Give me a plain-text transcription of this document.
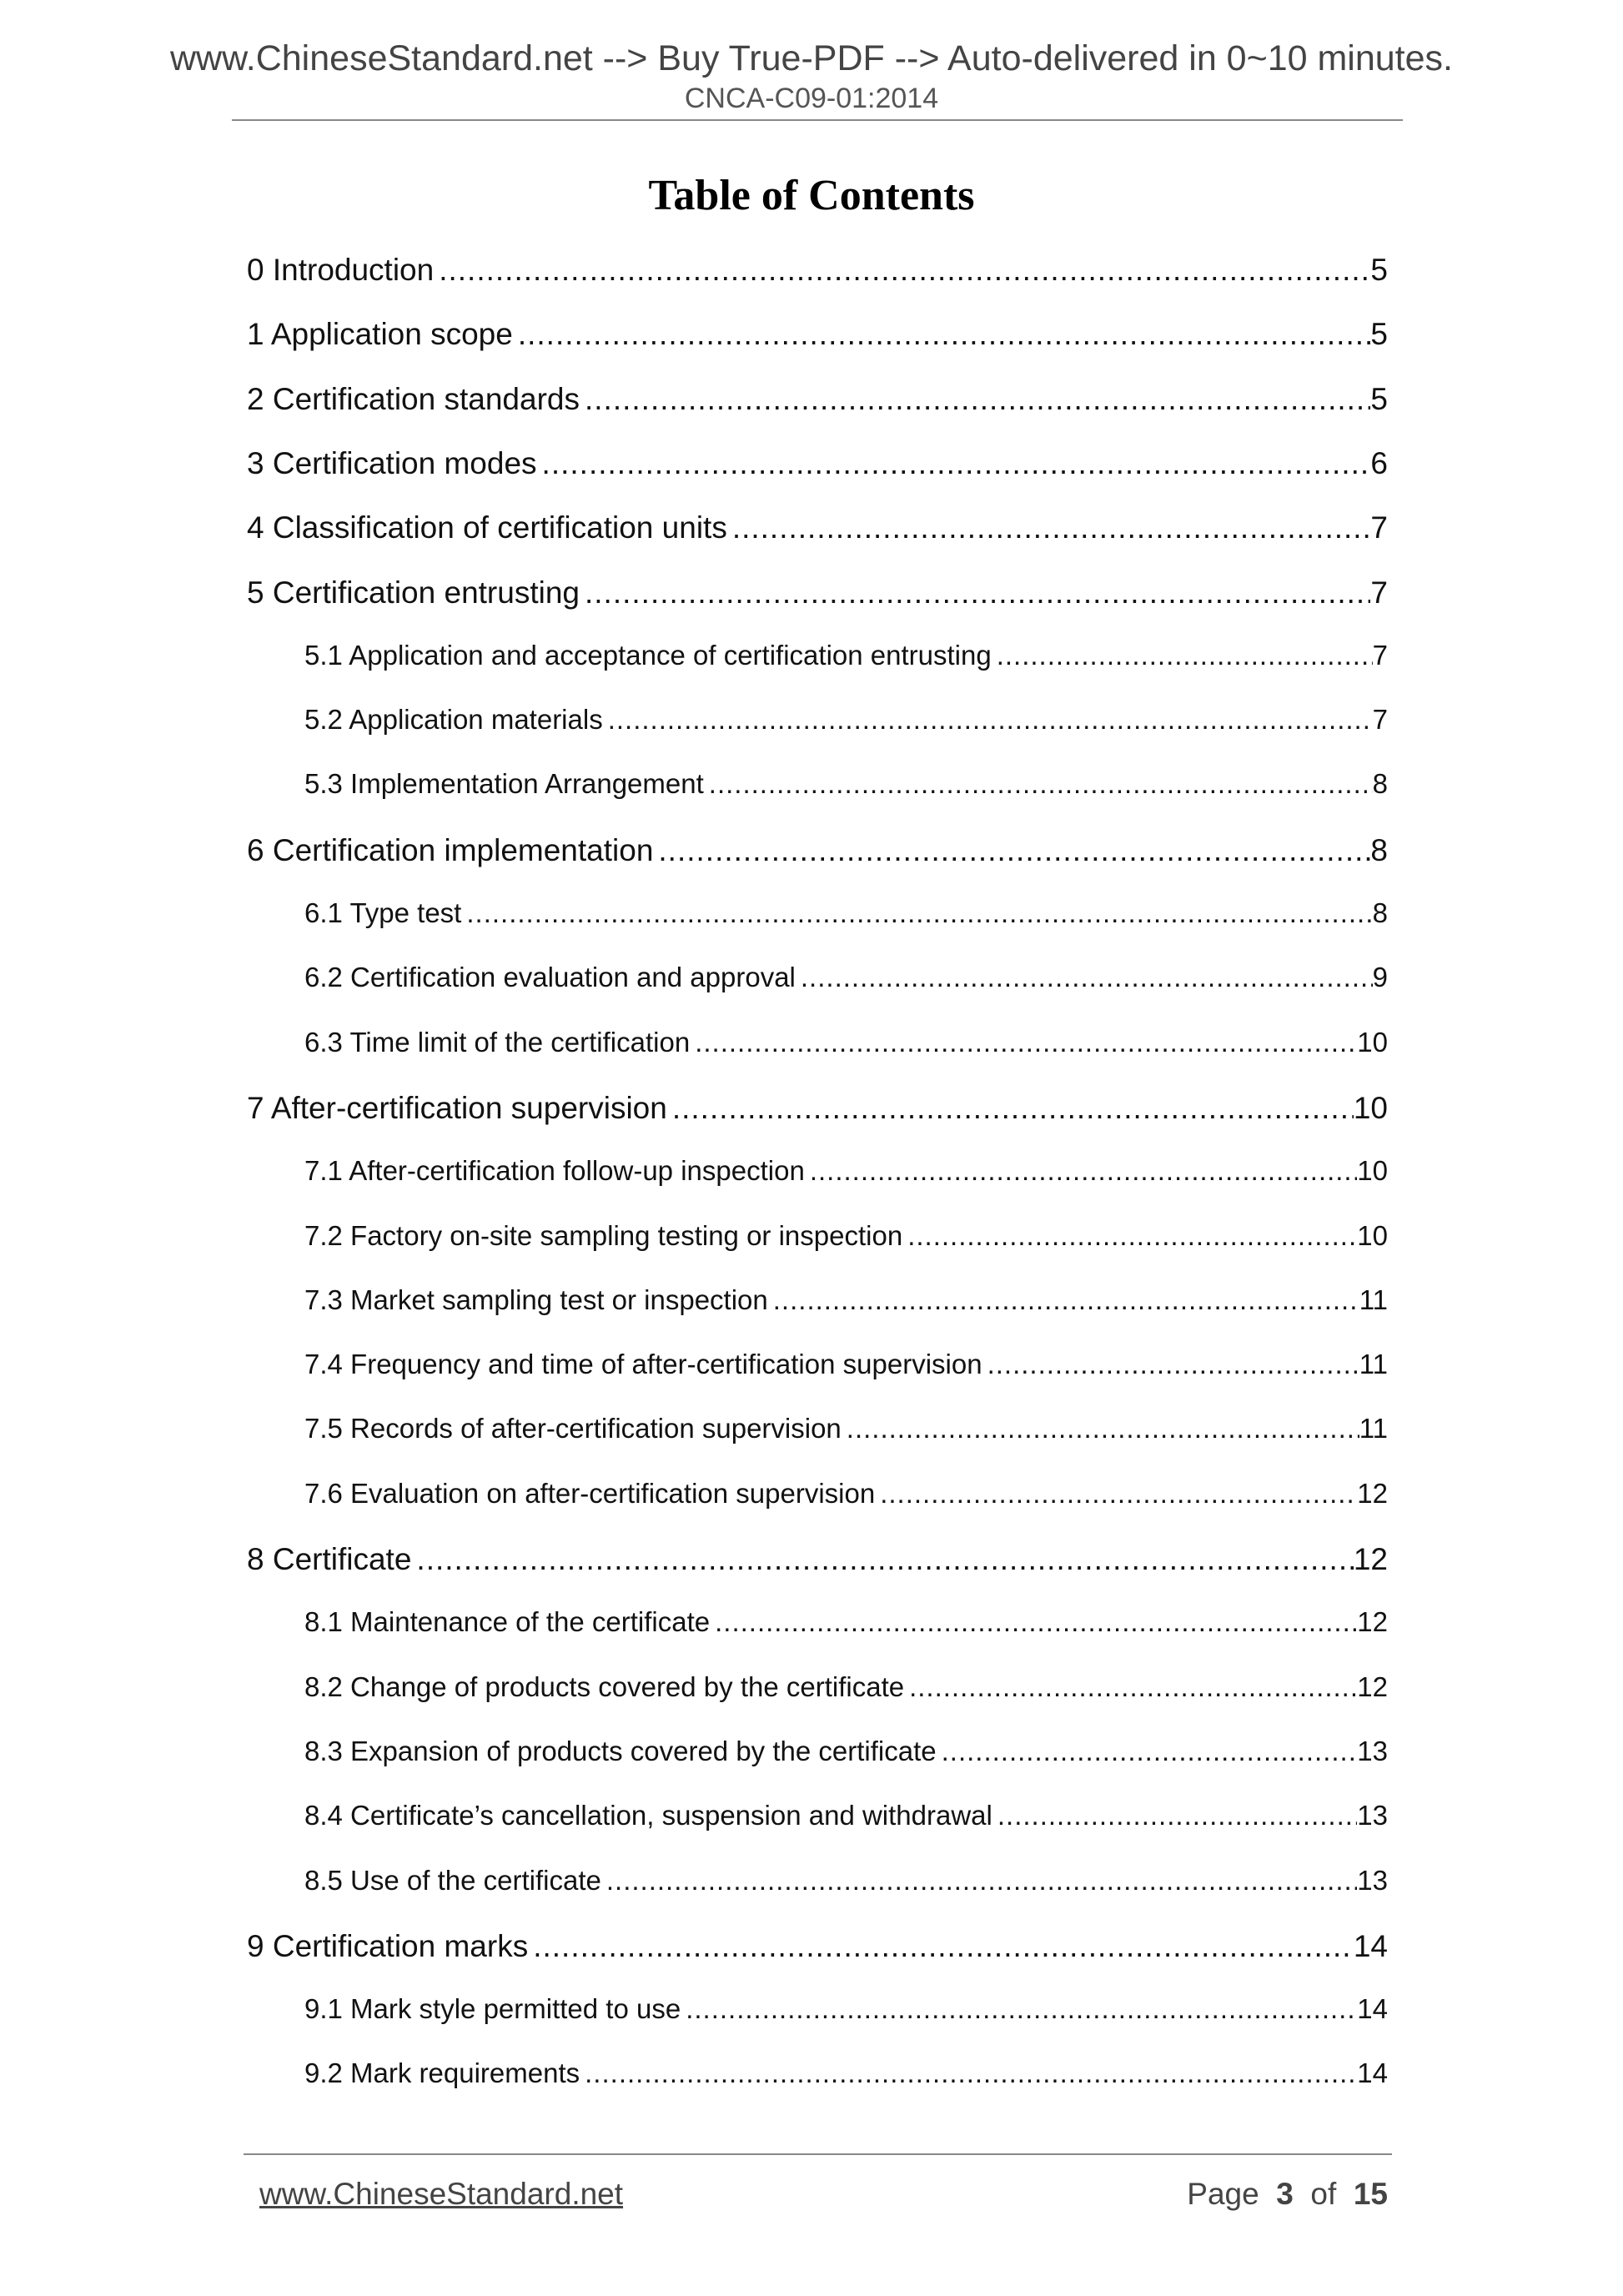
www.ChineseStandard.net --> Buy True-PDF --> Auto-delivered in 0~10 minutes.
CNCA-C09-01:2014
Table of Contents
0 Introduction .....	5
1 Application scope .....	5
2 Certification standards .....	5
3 Certification modes .....	6
4 Classification of certification units .....	7
5 Certification entrusting .....	7
5.1 Application and acceptance of certification entrusting .....	7
5.2 Application materials .....	7
5.3 Implementation Arrangement .....	8
6 Certification implementation .....	8
6.1 Type test .....	8
6.2 Certification evaluation and approval .....	9
6.3 Time limit of the certification .....	10
7 After-certification supervision .....	10
7.1 After-certification follow-up inspection .....	10
7.2 Factory on-site sampling testing or inspection .....	10
7.3 Market sampling test or inspection .....	11
7.4 Frequency and time of after-certification supervision .....	11
7.5 Records of after-certification supervision .....	11
7.6 Evaluation on after-certification supervision .....	12
8 Certificate .....	12
8.1 Maintenance of the certificate .....	12
8.2 Change of products covered by the certificate .....	12
8.3 Expansion of products covered by the certificate .....	13
8.4 Certificate’s cancellation, suspension and withdrawal .....	13
8.5 Use of the certificate .....	13
9 Certification marks .....	14
9.1 Mark style permitted to use .....	14
9.2 Mark requirements .....	14
www.ChineseStandard.net	Page 3 of 15
